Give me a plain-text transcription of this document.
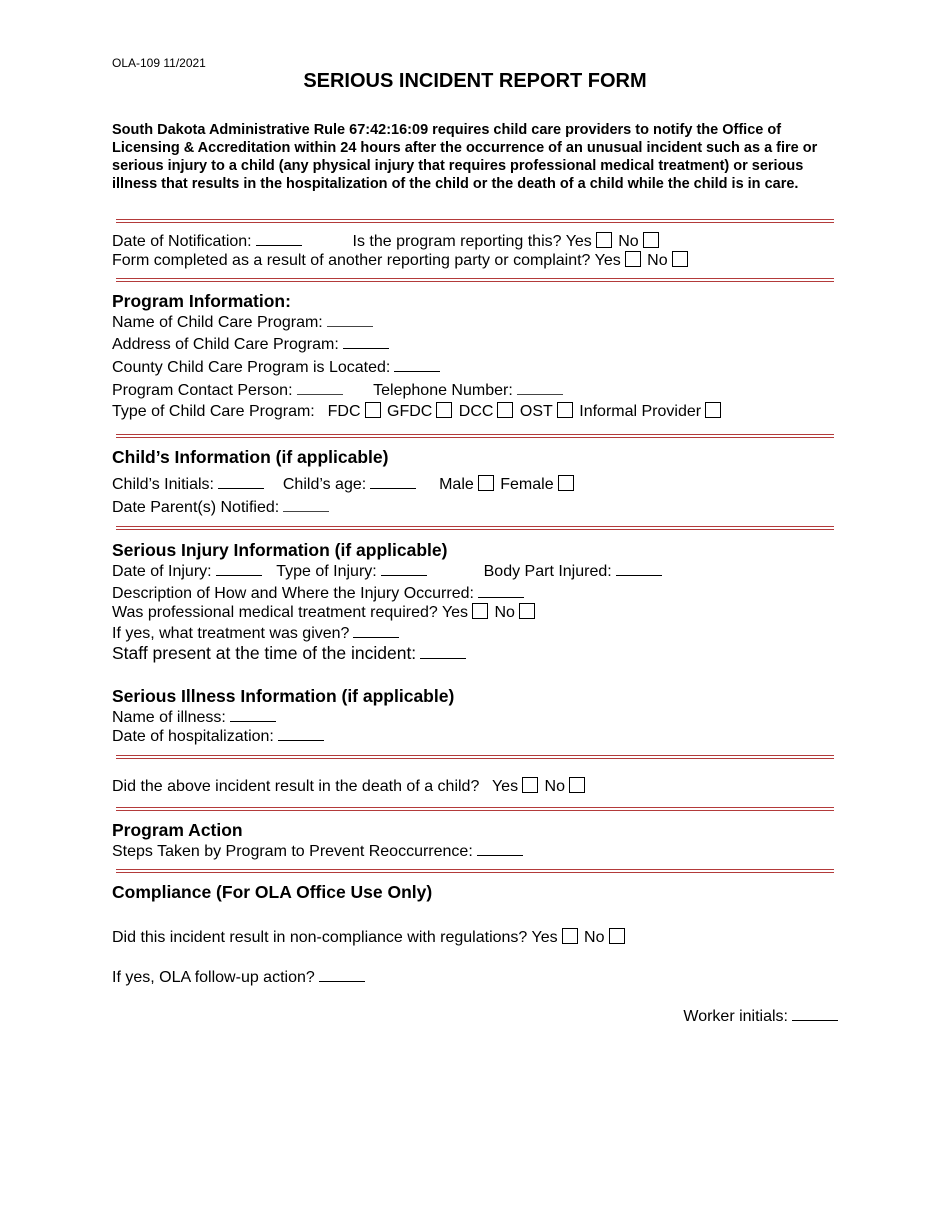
OLA-109 11/2021
SERIOUS INCIDENT REPORT FORM
South Dakota Administrative Rule 67:42:16:09 requires child care providers to notify the Office of Licensing & Accreditation within 24 hours after the occurrence of an unusual incident such as a fire or serious injury to a child (any physical injury that requires professional medical treatment) or serious illness that results in the hospitalization of the child or the death of a child while the child is in care.
Date of Notification:	Is the program reporting this? Yes No
Form completed as a result of another reporting party or complaint? Yes No
Program Information:
Name of Child Care Program:
Address of Child Care Program:
County Child Care Program is Located:
Program Contact Person:	Telephone Number:
Type of Child Care Program: FDC GFDC DCC OST Informal Provider
Child’s Information (if applicable)
Child’s Initials:	Child’s age:	Male Female
Date Parent(s) Notified:
Serious Injury Information (if applicable)
Date of Injury:	Type of Injury:	Body Part Injured:
Description of How and Where the Injury Occurred:
Was professional medical treatment required? Yes No
If yes, what treatment was given?
Staff present at the time of the incident:
Serious Illness Information (if applicable)
Name of illness:
Date of hospitalization:
Did the above incident result in the death of a child? Yes No
Program Action
Steps Taken by Program to Prevent Reoccurrence:
Compliance (For OLA Office Use Only)
Did this incident result in non-compliance with regulations? Yes No
If yes, OLA follow-up action?
Worker initials:
